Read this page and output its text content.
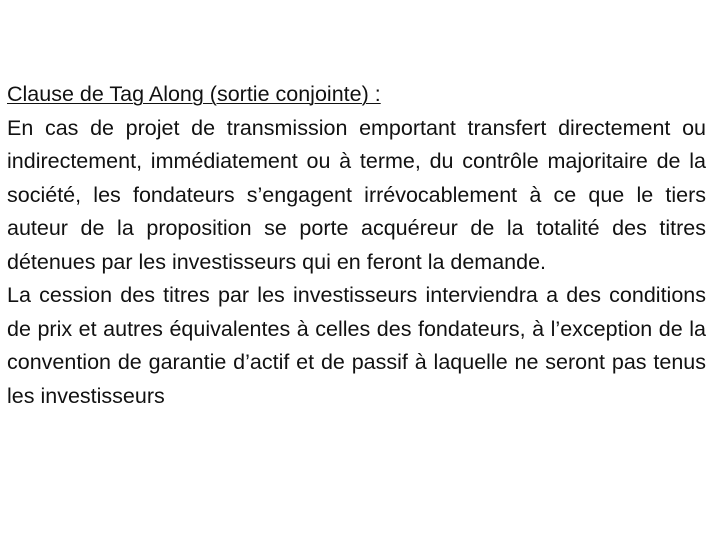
Clause de Tag Along (sortie conjointe) :

En cas de projet de transmission emportant transfert directement ou indirectement, immédiatement ou à terme, du contrôle majoritaire de la société, les fondateurs s’engagent irrévocablement à ce que le tiers auteur de la proposition se porte acquéreur de la totalité des titres détenues par les investisseurs qui en feront la demande.

La cession des titres par les investisseurs interviendra a des conditions de prix et autres équivalentes à celles des fondateurs, à l’exception de la convention de garantie d’actif et de passif à laquelle ne seront pas tenus les investisseurs
